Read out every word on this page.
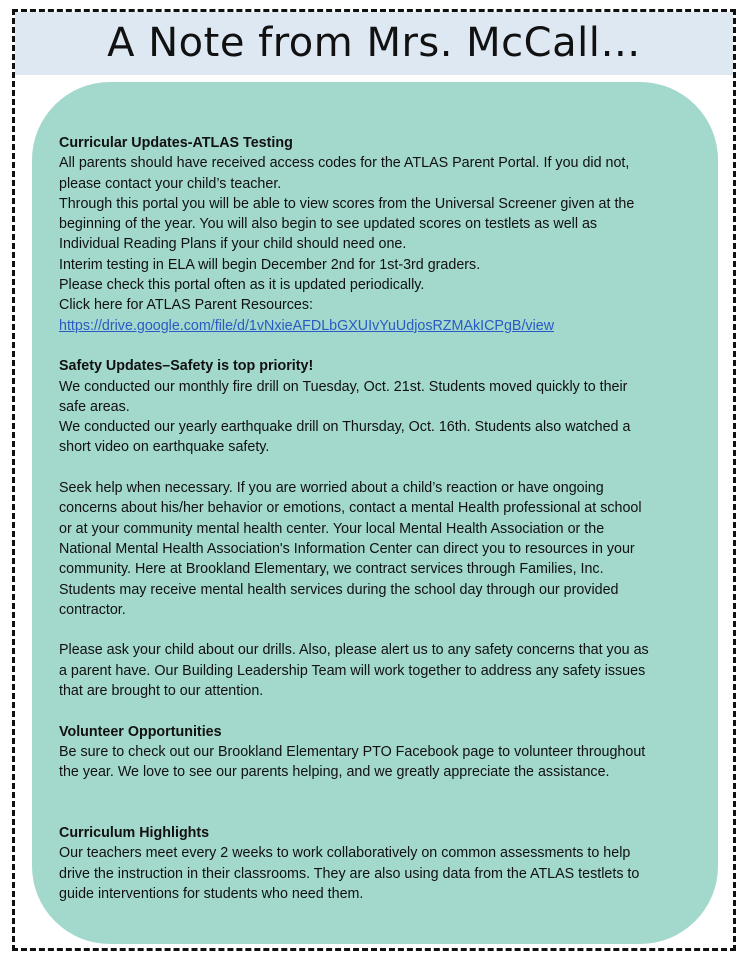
A Note from Mrs. McCall…
Curricular Updates-ATLAS Testing
All parents should have received access codes for the ATLAS Parent Portal. If you did not,
please contact your child’s teacher.
Through this portal you will be able to view scores from the Universal Screener given at the
beginning of the year. You will also begin to see updated scores on testlets as well as
Individual Reading Plans if your child should need one.
Interim testing in ELA will begin December 2nd for 1st-3rd graders.
Please check this portal often as it is updated periodically.
Click here for ATLAS Parent Resources:
https://drive.google.com/file/d/1vNxieAFDLbGXUIvYuUdjosRZMAkICPgB/view
Safety Updates–Safety is top priority!
We conducted our monthly fire drill on Tuesday, Oct. 21st. Students moved quickly to their
safe areas.
We conducted our yearly earthquake drill on Thursday, Oct. 16th. Students also watched a
short video on earthquake safety.
Seek help when necessary. If you are worried about a child’s reaction or have ongoing
concerns about his/her behavior or emotions, contact a mental Health professional at school
or at your community mental health center. Your local Mental Health Association or the
National Mental Health Association's Information Center can direct you to resources in your
community. Here at Brookland Elementary, we contract services through Families, Inc.
Students may receive mental health services during the school day through our provided
contractor.
Please ask your child about our drills. Also, please alert us to any safety concerns that you as
a parent have. Our Building Leadership Team will work together to address any safety issues
that are brought to our attention.
Volunteer Opportunities
Be sure to check out our Brookland Elementary PTO Facebook page to volunteer throughout
the year. We love to see our parents helping, and we greatly appreciate the assistance.
Curriculum Highlights
Our teachers meet every 2 weeks to work collaboratively on common assessments to help
drive the instruction in their classrooms. They are also using data from the ATLAS testlets to
guide interventions for students who need them.
